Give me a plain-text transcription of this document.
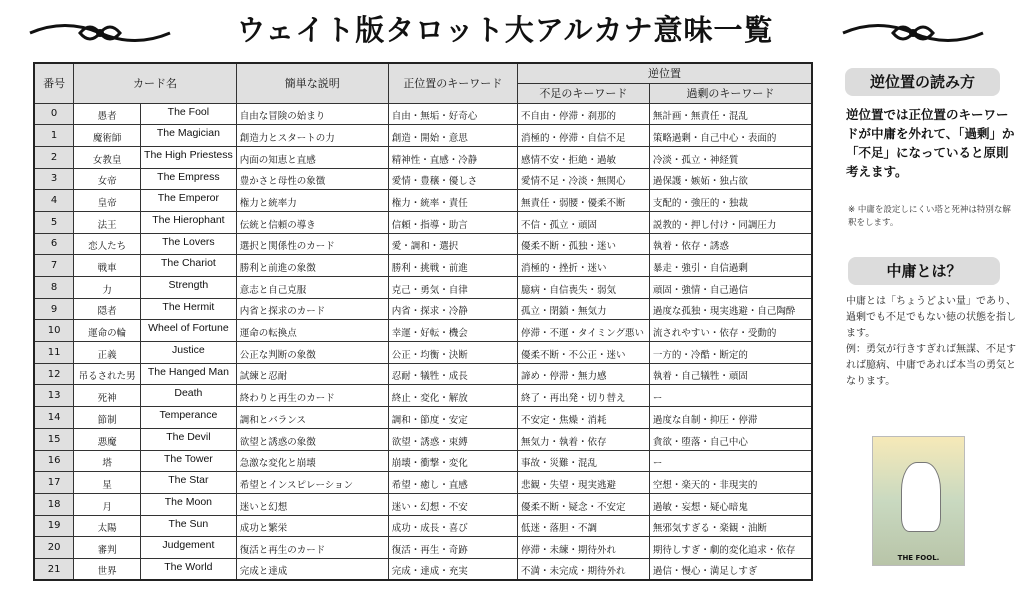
ウェイト版タロット大アルカナ意味一覧
番号	カード名		簡単な説明	正位置のキーワード	逆位置	
					不足のキーワード	過剰のキーワード
0	愚者	The Fool	自由な冒険の始まり	自由・無垢・好奇心	不自由・停滞・刹那的	無計画・無責任・混乱
1	魔術師	The Magician	創造力とスタートの力	創造・開始・意思	消極的・停滞・自信不足	策略過剰・自己中心・表面的
2	女教皇	The High Priestess	内面の知恵と直感	精神性・直感・冷静	感情不安・拒絶・過敏	冷淡・孤立・神経質
3	女帝	The Empress	豊かさと母性の象徴	愛情・豊穣・優しさ	愛情不足・冷淡・無関心	過保護・嫉妬・独占欲
4	皇帝	The Emperor	権力と統率力	権力・統率・責任	無責任・弱腰・優柔不断	支配的・強圧的・独裁
5	法王	The Hierophant	伝統と信頼の導き	信頼・指導・助言	不信・孤立・頑固	説教的・押し付け・同調圧力
6	恋人たち	The Lovers	選択と関係性のカード	愛・調和・選択	優柔不断・孤独・迷い	執着・依存・誘惑
7	戦車	The Chariot	勝利と前進の象徴	勝利・挑戦・前進	消極的・挫折・迷い	暴走・強引・自信過剰
8	力	Strength	意志と自己克服	克己・勇気・自律	臆病・自信喪失・弱気	頑固・強情・自己過信
9	隠者	The Hermit	内省と探求のカード	内省・探求・冷静	孤立・閉鎖・無気力	過度な孤独・現実逃避・自己陶酔
10	運命の輪	Wheel of Fortune	運命の転換点	幸運・好転・機会	停滞・不運・タイミング悪い	流されやすい・依存・受動的
11	正義	Justice	公正な判断の象徴	公正・均衡・決断	優柔不断・不公正・迷い	一方的・冷酷・断定的
12	吊るされた男	The Hanged Man	試練と忍耐	忍耐・犠牲・成長	諦め・停滞・無力感	執着・自己犠牲・頑固
13	死神	Death	終わりと再生のカード	終止・変化・解放	終了・再出発・切り替え	ー
14	節制	Temperance	調和とバランス	調和・節度・安定	不安定・焦燥・消耗	過度な自制・抑圧・停滞
15	悪魔	The Devil	欲望と誘惑の象徴	欲望・誘惑・束縛	無気力・執着・依存	貪欲・堕落・自己中心
16	塔	The Tower	急激な変化と崩壊	崩壊・衝撃・変化	事故・災難・混乱	ー
17	星	The Star	希望とインスピレーション	希望・癒し・直感	悲観・失望・現実逃避	空想・楽天的・非現実的
18	月	The Moon	迷いと幻想	迷い・幻想・不安	優柔不断・疑念・不安定	過敏・妄想・疑心暗鬼
19	太陽	The Sun	成功と繁栄	成功・成長・喜び	低迷・落胆・不調	無邪気すぎる・楽観・油断
20	審判	Judgement	復活と再生のカード	復活・再生・奇跡	停滞・未練・期待外れ	期待しすぎ・劇的変化追求・依存
21	世界	The World	完成と達成	完成・達成・充実	不満・未完成・期待外れ	過信・慢心・満足しすぎ
逆位置の読み方
逆位置では正位置のキーワードが中庸を外れて、「過剰」か「不足」になっていると原則考えます。
※ 中庸を設定しにくい塔と死神は特別な解釈をします。
中庸とは？
中庸とは「ちょうどよい量」であり、過剰でも不足でもない徳の状態を指します。
例：勇気が行きすぎれば無謀、不足すれば臆病、中庸であれば本当の勇気となります。
THE FOOL.
